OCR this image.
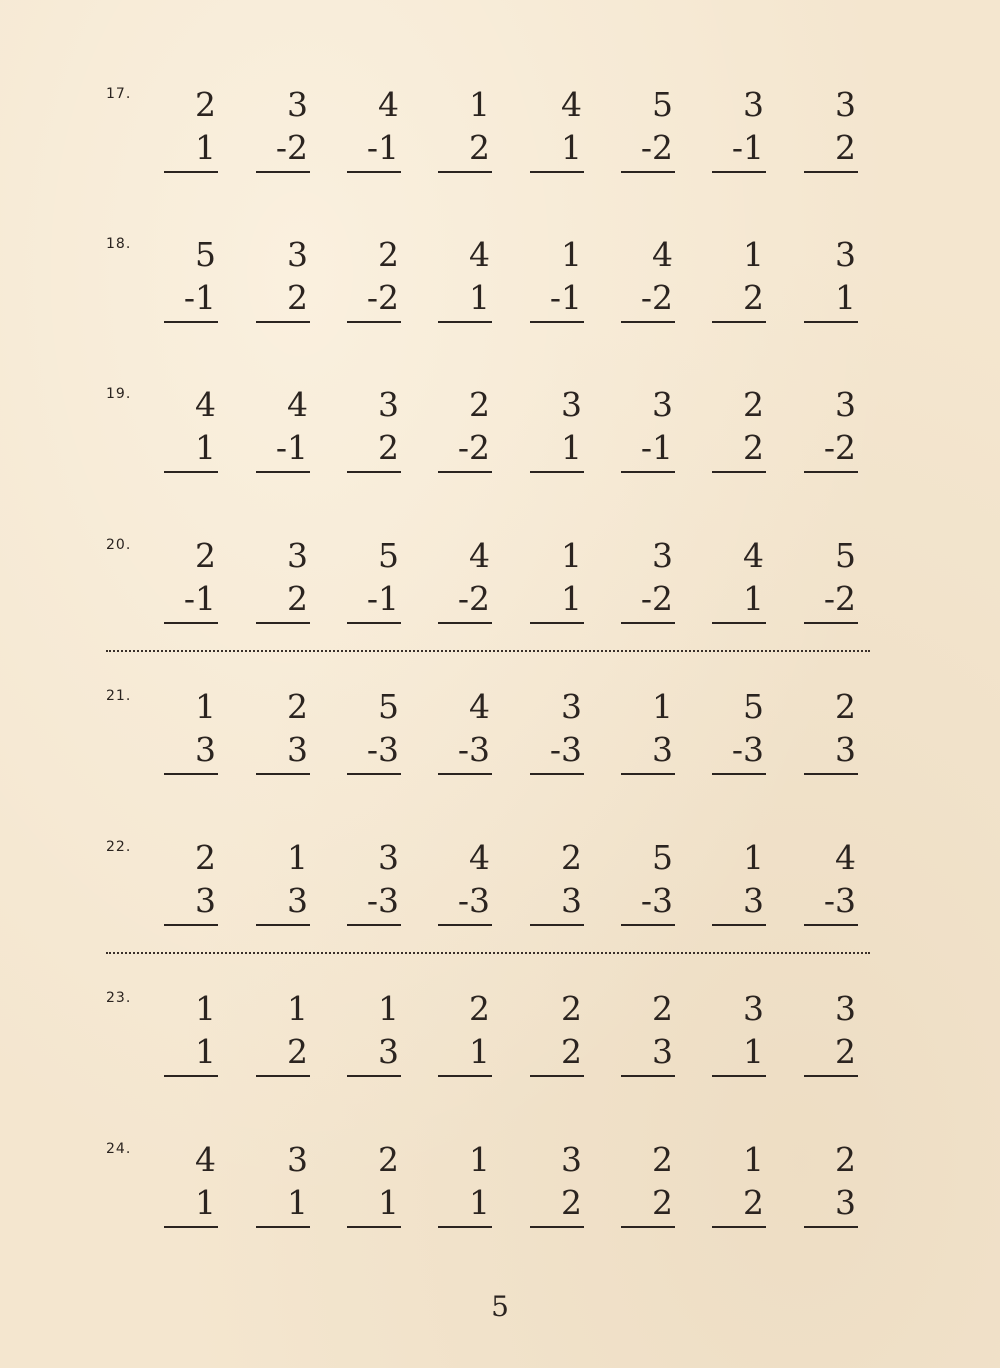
17. 2
1
3
-2
4
-1
1
2
4
1
5
-2
3
-1
3
2
18. 5
-1
3
2
2
-2
4
1
1
-1
4
-2
1
2
3
1
19. 4
1
4
-1
3
2
2
-2
3
1
3
-1
2
2
3
-2
20. 2
-1
3
2
5
-1
4
-2
1
1
3
-2
4
1
5
-2
21. 1
3
2
3
5
-3
4
-3
3
-3
1
3
5
-3
2
3
22. 2
3
1
3
3
-3
4
-3
2
3
5
-3
1
3
4
-3
23. 1
1
1
2
1
3
2
1
2
2
2
3
3
1
3
2
24. 4
1
3
1
2
1
1
1
3
2
2
2
1
2
2
3
5
